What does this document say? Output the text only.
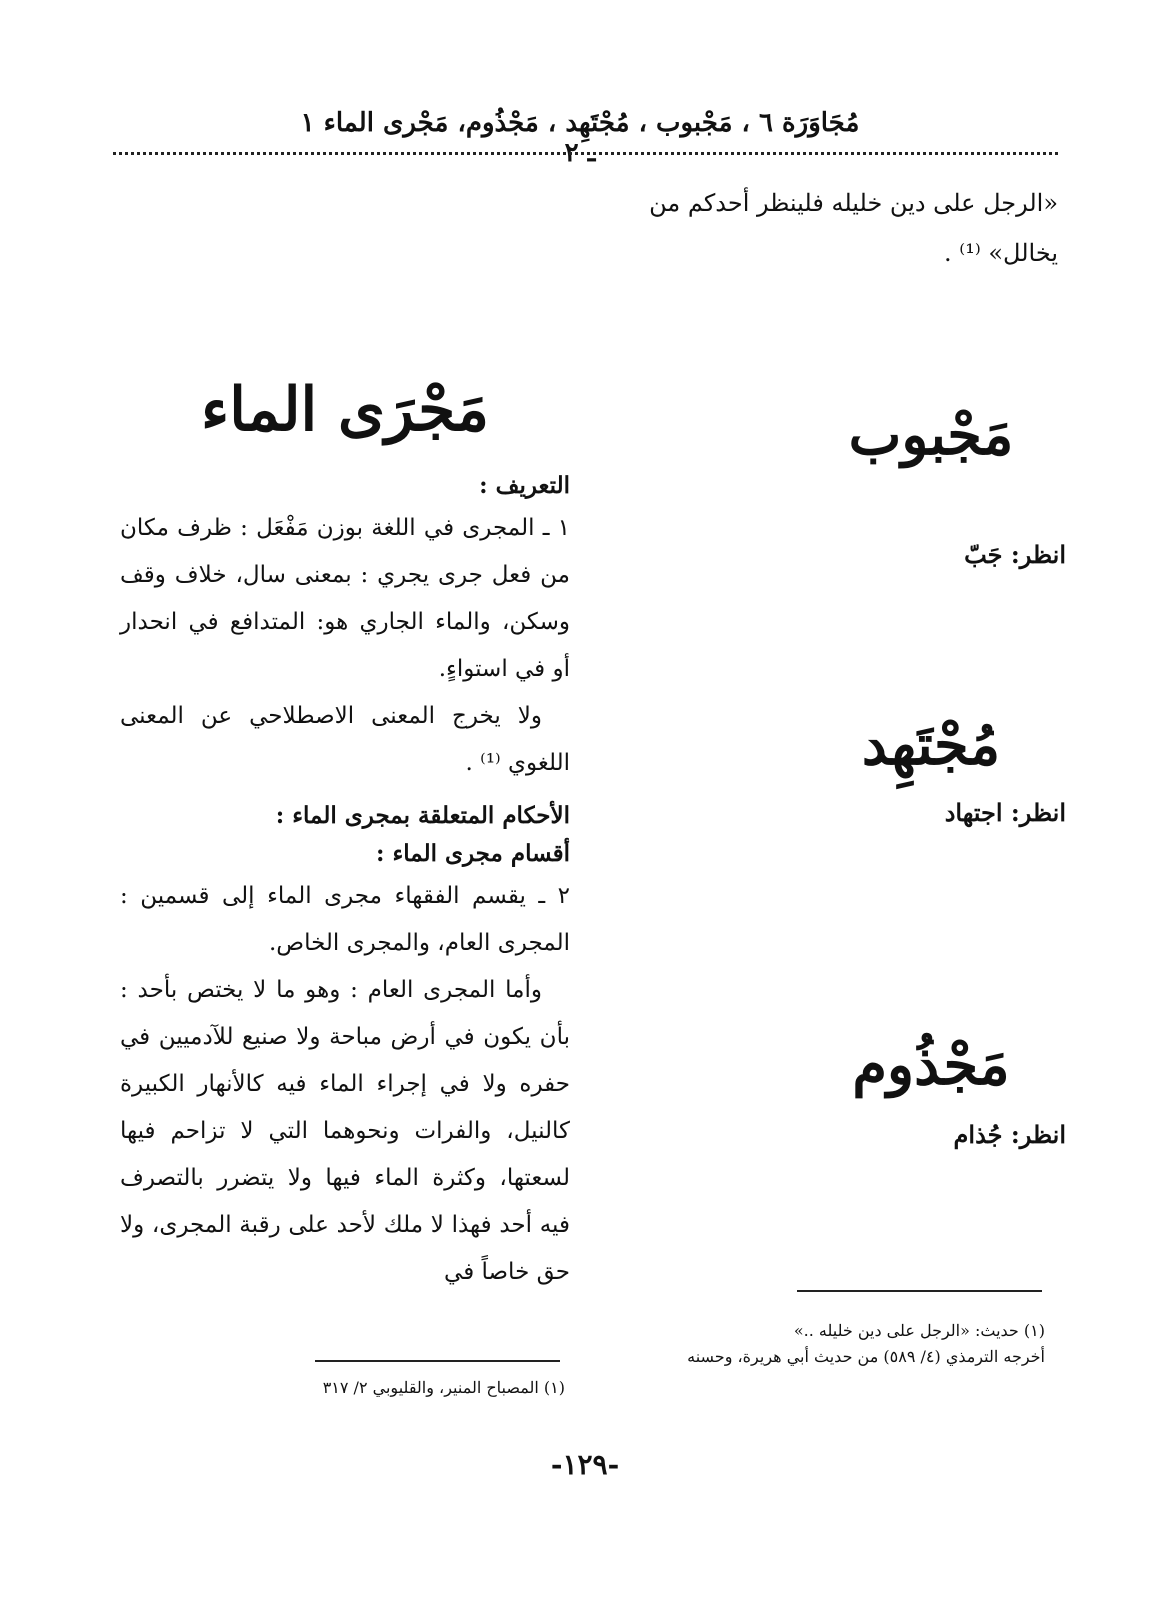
مُجَاوَرَة ٦ ، مَجْبوب ، مُجْتَهِد ، مَجْذُوم، مَجْرى الماء ١ ـ ٢
«الرجل على دين خليله فلينظر أحدكم من
يخالل» ⁽¹⁾ .
مَجْبوب
انظر: جَبّ
مُجْتَهِد
انظر: اجتهاد
مَجْذُوم
انظر: جُذام
مَجْرَى الماء
التعريف :

١ ـ المجرى في اللغة بوزن مَفْعَل : ظرف مكان من فعل جرى يجري : بمعنى سال، خلاف وقف وسكن، والماء الجاري هو: المتدافع في انحدار أو في استواءٍ.

ولا يخرج المعنى الاصطلاحي عن المعنى اللغوي ⁽¹⁾ .

الأحكام المتعلقة بمجرى الماء :
أقسام مجرى الماء :

٢ ـ يقسم الفقهاء مجرى الماء إلى قسمين : المجرى العام، والمجرى الخاص.

وأما المجرى العام : وهو ما لا يختص بأحد : بأن يكون في أرض مباحة ولا صنيع للآدميين في حفره ولا في إجراء الماء فيه كالأنهار الكبيرة كالنيل، والفرات ونحوهما التي لا تزاحم فيها لسعتها، وكثرة الماء فيها ولا يتضرر بالتصرف فيه أحد فهذا لا ملك لأحد على رقبة المجرى، ولا حق خاصاً في

(١) حديث: «الرجل على دين خليله ..»
أخرجه الترمذي (٤/ ٥٨٩) من حديث أبي هريرة، وحسنه
(١) المصباح المنير، والقليوبي ٢/ ٣١٧
-١٢٩-
